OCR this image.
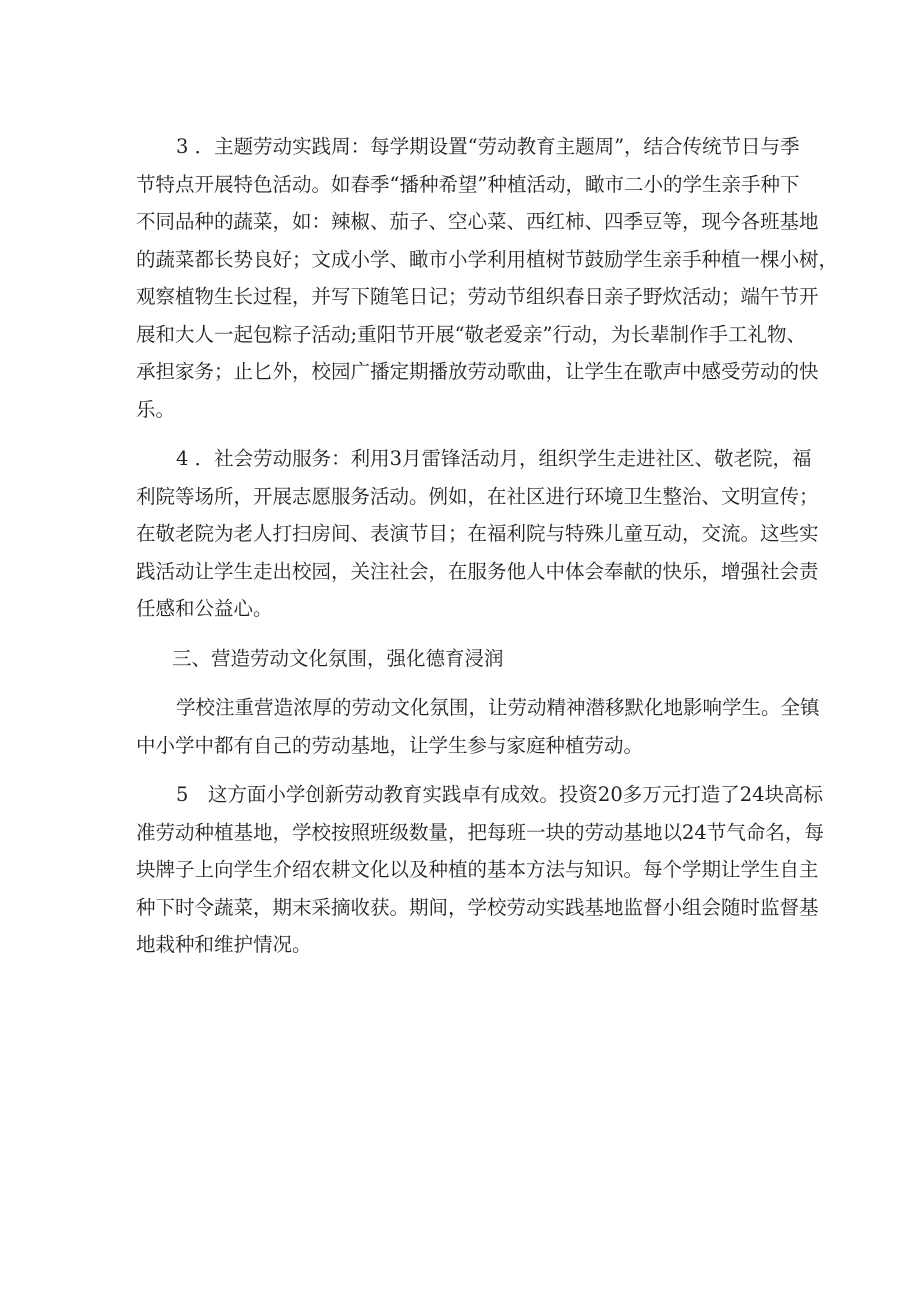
3 ．主题劳动实践周：每学期设置“劳动教育主题周”，结合传统节日与季
节特点开展特色活动。如春季“播种希望”种植活动，瞰市二小的学生亲手种下
不同品种的蔬菜，如：辣椒、茄子、空心菜、西红柿、四季豆等，现今各班基地
的蔬菜都长势良好；文成小学、瞰市小学利用植树节鼓励学生亲手种植一棵小树，
观察植物生长过程，并写下随笔日记；劳动节组织春日亲子野炊活动；端午节开
展和大人一起包粽子活动;重阳节开展“敬老爱亲”行动，为长辈制作手工礼物、
承担家务；止匕外，校园广播定期播放劳动歌曲，让学生在歌声中感受劳动的快
乐。
4 ．社会劳动服务：利用3月雷锋活动月，组织学生走进社区、敬老院，福
利院等场所，开展志愿服务活动。例如，在社区进行环境卫生整治、文明宣传；
在敬老院为老人打扫房间、表演节目；在福利院与特殊儿童互动，交流。这些实
践活动让学生走出校园，关注社会，在服务他人中体会奉献的快乐，增强社会责
任感和公益心。
三、营造劳动文化氛围，强化德育浸润
学校注重营造浓厚的劳动文化氛围，让劳动精神潜移默化地影响学生。全镇
中小学中都有自己的劳动基地，让学生参与家庭种植劳动。
5　这方面小学创新劳动教育实践卓有成效。投资20多万元打造了24块高标
准劳动种植基地，学校按照班级数量，把每班一块的劳动基地以24节气命名，每
块牌子上向学生介绍农耕文化以及种植的基本方法与知识。每个学期让学生自主
种下时令蔬菜，期末采摘收获。期间，学校劳动实践基地监督小组会随时监督基
地栽种和维护情况。
